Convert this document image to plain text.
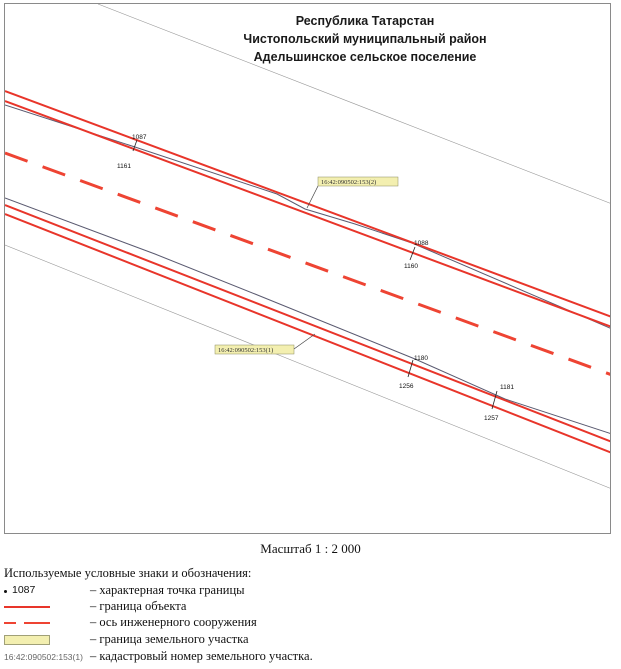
1087
1161
1088
1160
1180
1256	1181
1257
16:42:090502:153(2)
16:42:090502:153(1)
Республика Татарстан
Чистопольский муниципальный район
Адельшинское сельское поселение
Масштаб 1 : 2 000
Используемые условные знаки и обозначения:
1087	– характерная точка границы
– граница объекта
– ось инженерного сооружения
– граница земельного участка
16:42:090502:153(1) – кадастровый номер земельного участка.
